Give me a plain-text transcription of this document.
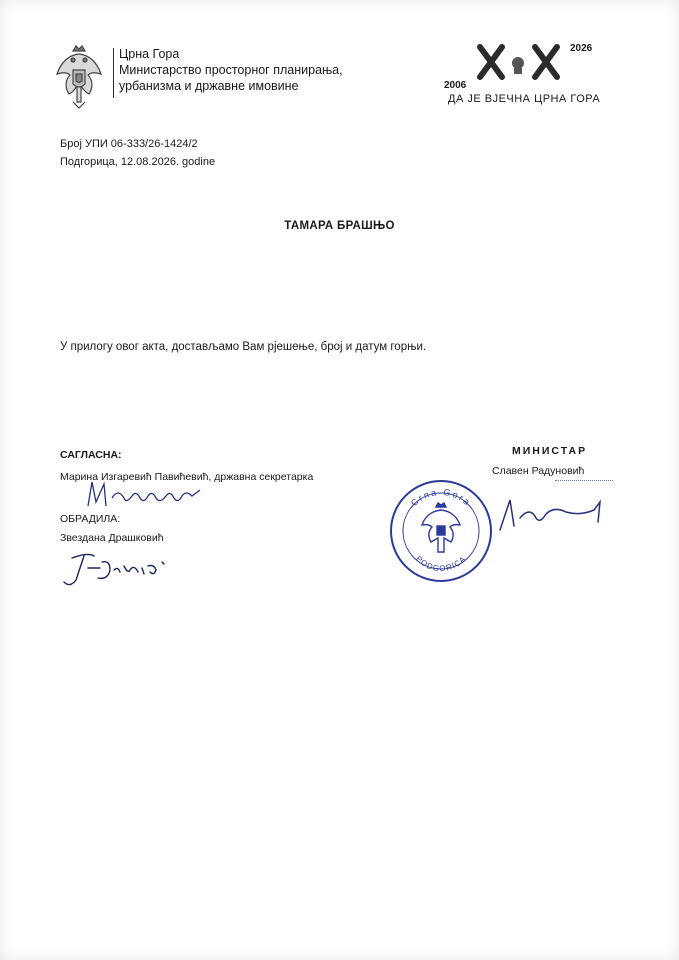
Црна Гора
Министарство просторног планирања,
урбанизма и државне имовине	2006
2026
ДА ЈЕ ВЈЕЧНА ЦРНА ГОРА
Број УПИ 06-333/26-1424/2
Подгорица, 12.08.2026. godine
ТАМАРА БРАШЊО
У прилогу овог акта, достављамо Вам рјешење, број и датум горњи.
САГЛАСНА:
Марина Изгаревић Павићевић, државна секретарка
ОБРАДИЛА:
Звездана Драшковић
МИНИСТАР
Славен Радуновић
Crna Gora
PODGORICA
